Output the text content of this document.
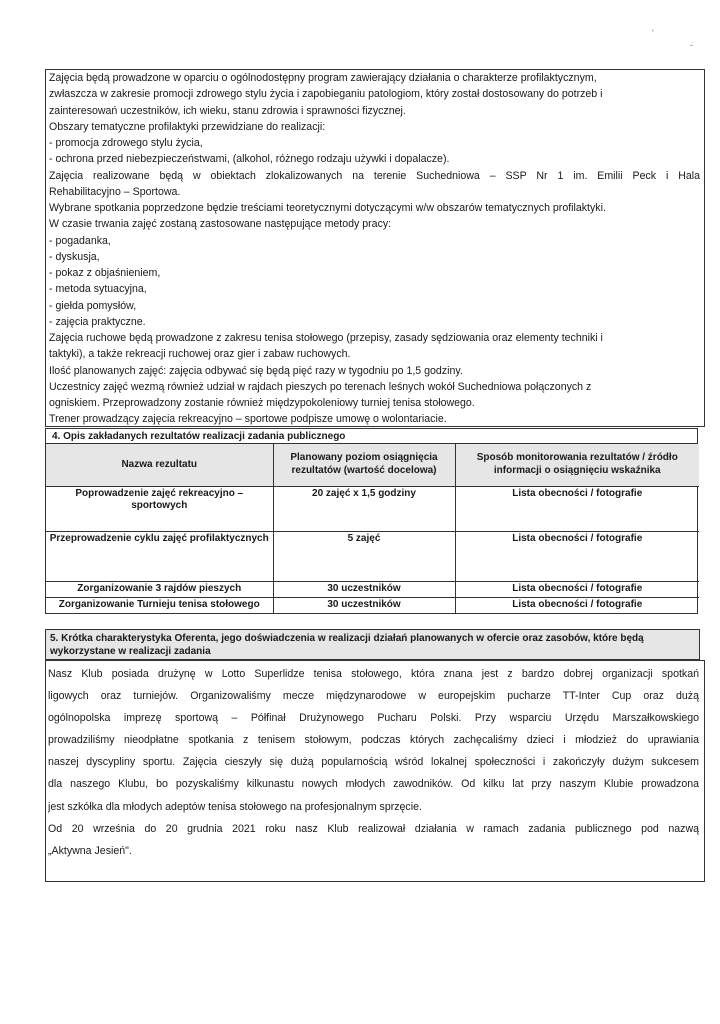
'
-
Zajęcia będą prowadzone w oparciu o ogólnodostępny program zawierający działania o charakterze profilaktycznym,
zwłaszcza w zakresie promocji zdrowego stylu życia i zapobieganiu patologiom, który został dostosowany do potrzeb i
zainteresowań uczestników, ich wieku, stanu zdrowia i sprawności fizycznej.
Obszary tematyczne profilaktyki przewidziane do realizacji:
- promocja zdrowego stylu życia,
- ochrona przed niebezpieczeństwami, (alkohol, różnego rodzaju używki i dopalacze).
Zajęcia realizowane będą w obiektach zlokalizowanych na terenie Suchedniowa – SSP Nr 1 im. Emilii Peck i Hala
Rehabilitacyjno – Sportowa.
Wybrane spotkania poprzedzone będzie treściami teoretycznymi dotyczącymi w/w obszarów tematycznych profilaktyki.
W czasie trwania zajęć zostaną zastosowane następujące metody pracy:
- pogadanka,
- dyskusja,
- pokaz z objaśnieniem,
- metoda sytuacyjna,
- giełda pomysłów,
- zajęcia praktyczne.
Zajęcia ruchowe będą prowadzone z zakresu tenisa stołowego (przepisy, zasady sędziowania oraz elementy techniki i
taktyki), a także rekreacji ruchowej oraz gier i zabaw ruchowych.
Ilość planowanych zajęć: zajęcia odbywać się będą pięć razy w tygodniu po 1,5 godziny.
Uczestnicy zajęć wezmą również udział w rajdach pieszych po terenach leśnych wokół Suchedniowa połączonych z
ogniskiem. Przeprowadzony zostanie również międzypokoleniowy turniej tenisa stołowego.
Trener prowadzący zajęcia rekreacyjno – sportowe podpisze umowę o wolontariacie.
4. Opis zakładanych rezultatów realizacji zadania publicznego
Nazwa rezultatu	Planowany poziom osiągnięcia rezultatów (wartość docelowa)	Sposób monitorowania rezultatów / źródło informacji o osiągnięciu wskaźnika
Poprowadzenie zajęć rekreacyjno – sportowych	20 zajęć x 1,5 godziny	Lista obecności / fotografie
Przeprowadzenie cyklu zajęć profilaktycznych	5 zajęć	Lista obecności / fotografie
Zorganizowanie 3 rajdów pieszych	30 uczestników	Lista obecności / fotografie
Zorganizowanie Turnieju tenisa stołowego	30 uczestników	Lista obecności / fotografie
5. Krótka charakterystyka Oferenta, jego doświadczenia w realizacji działań planowanych w ofercie oraz zasobów, które będą wykorzystane w realizacji zadania
Nasz Klub posiada drużynę w Lotto Superlidze tenisa stołowego, która znana jest z bardzo dobrej organizacji spotkań
ligowych oraz turniejów. Organizowaliśmy mecze międzynarodowe w europejskim pucharze TT-Inter Cup oraz dużą
ogólnopolska imprezę sportową – Półfinał Drużynowego Pucharu Polski. Przy wsparciu Urzędu Marszałkowskiego
prowadziliśmy nieodpłatne spotkania z tenisem stołowym, podczas których zachęcaliśmy dzieci i młodzież do uprawiania
naszej dyscypliny sportu. Zajęcia cieszyły się dużą popularnością wśród lokalnej społeczności i zakończyły dużym sukcesem
dla naszego Klubu, bo pozyskaliśmy kilkunastu nowych młodych zawodników. Od kilku lat przy naszym Klubie prowadzona
jest szkółka dla młodych adeptów tenisa stołowego na profesjonalnym sprzęcie.
Od 20 września do 20 grudnia 2021 roku nasz Klub realizował działania w ramach zadania publicznego pod nazwą
„Aktywna Jesień".
